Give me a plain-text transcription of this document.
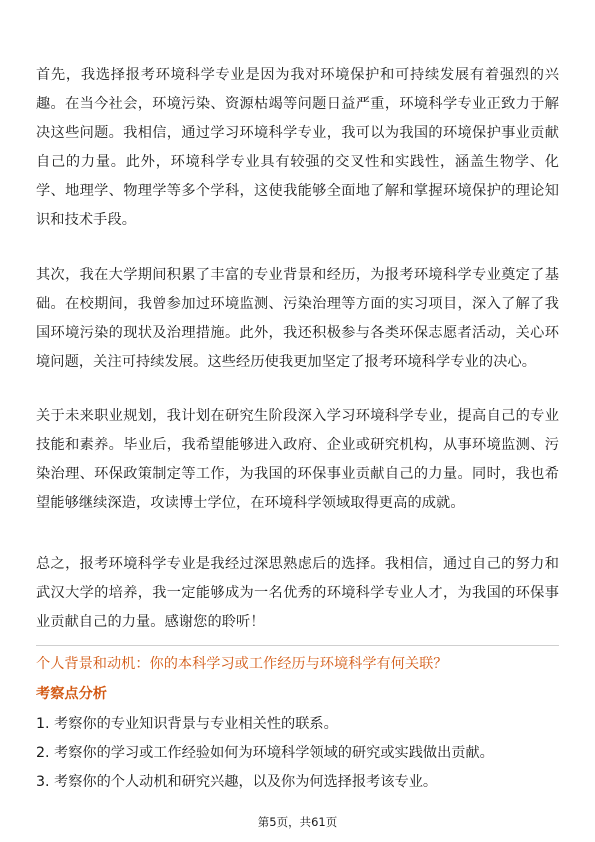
首先，我选择报考环境科学专业是因为我对环境保护和可持续发展有着强烈的兴趣。在当今社会，环境污染、资源枯竭等问题日益严重，环境科学专业正致力于解决这些问题。我相信，通过学习环境科学专业，我可以为我国的环境保护事业贡献自己的力量。此外，环境科学专业具有较强的交叉性和实践性，涵盖生物学、化学、地理学、物理学等多个学科，这使我能够全面地了解和掌握环境保护的理论知识和技术手段。

其次，我在大学期间积累了丰富的专业背景和经历，为报考环境科学专业奠定了基础。在校期间，我曾参加过环境监测、污染治理等方面的实习项目，深入了解了我国环境污染的现状及治理措施。此外，我还积极参与各类环保志愿者活动，关心环境问题，关注可持续发展。这些经历使我更加坚定了报考环境科学专业的决心。

关于未来职业规划，我计划在研究生阶段深入学习环境科学专业，提高自己的专业技能和素养。毕业后，我希望能够进入政府、企业或研究机构，从事环境监测、污染治理、环保政策制定等工作，为我国的环保事业贡献自己的力量。同时，我也希望能够继续深造，攻读博士学位，在环境科学领域取得更高的成就。

总之，报考环境科学专业是我经过深思熟虑后的选择。我相信，通过自己的努力和武汉大学的培养，我一定能够成为一名优秀的环境科学专业人才，为我国的环保事业贡献自己的力量。感谢您的聆听！

个人背景和动机：你的本科学习或工作经历与环境科学有何关联？

考察点分析

1. 考察你的专业知识背景与专业相关性的联系。
2. 考察你的学习或工作经验如何为环境科学领域的研究或实践做出贡献。
3. 考察你的个人动机和研究兴趣，以及你为何选择报考该专业。
第5页，共61页
